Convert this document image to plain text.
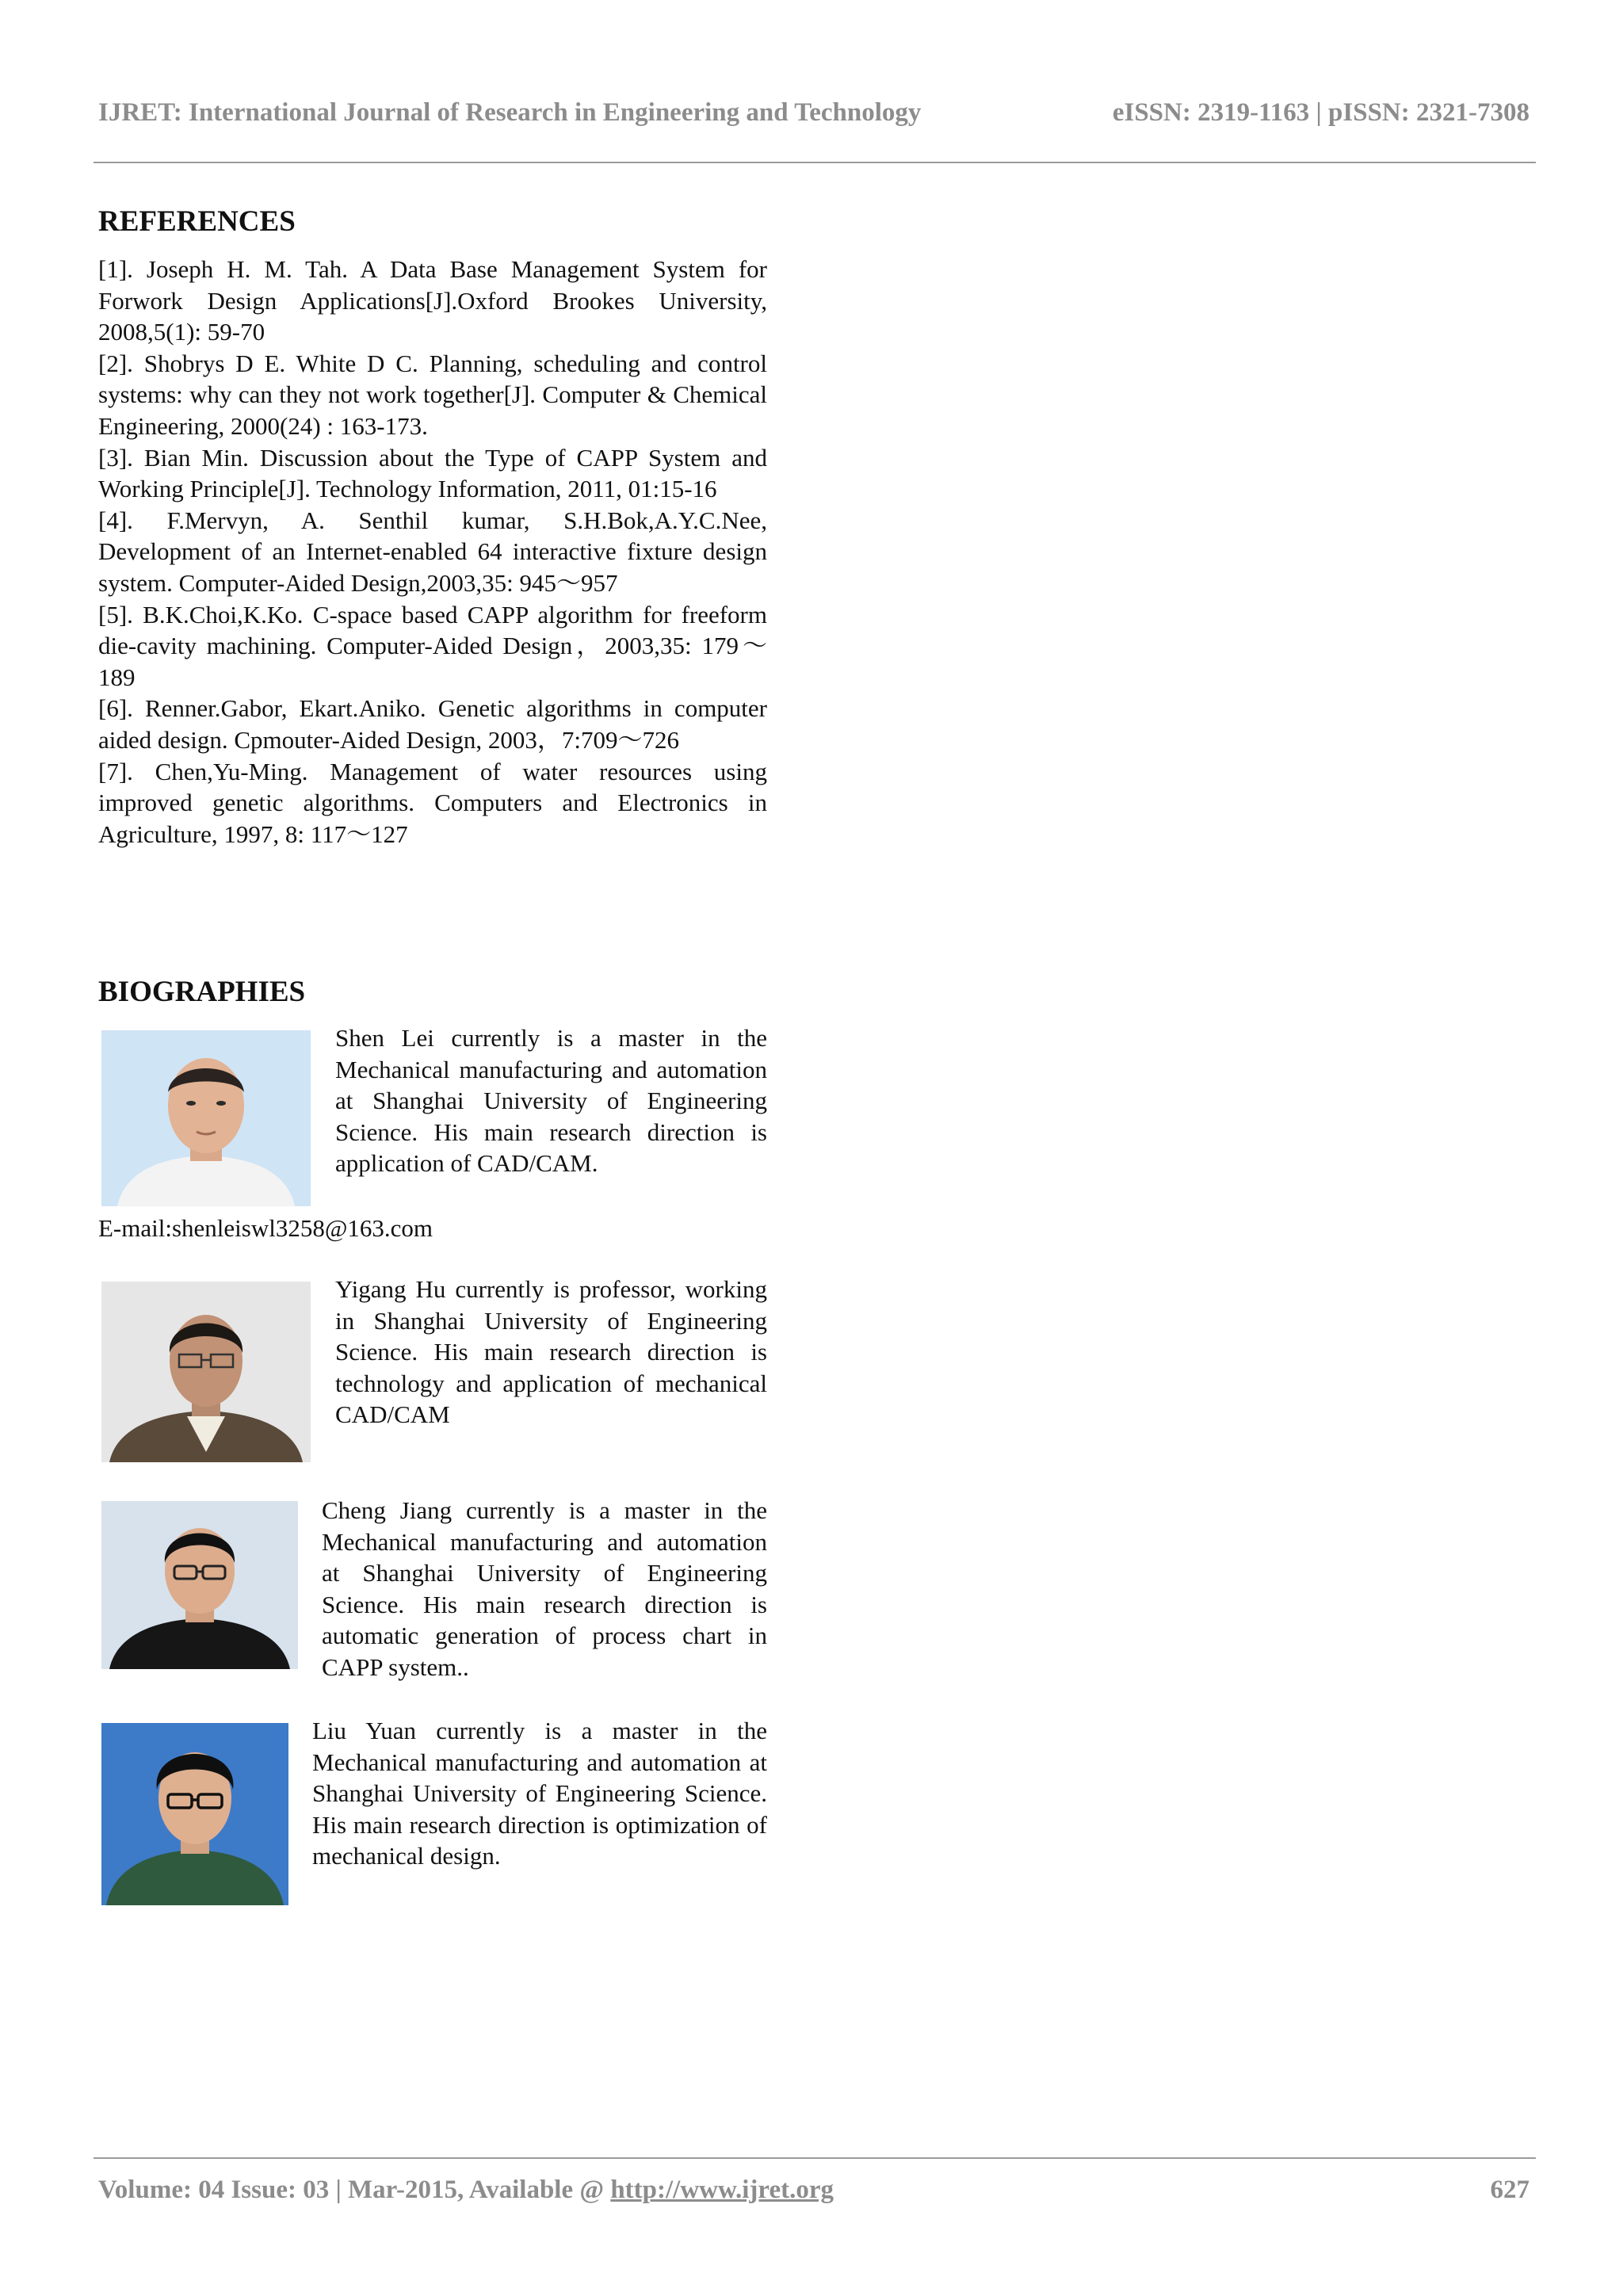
IJRET: International Journal of Research in Engineering and Technology	eISSN: 2319-1163 | pISSN: 2321-7308
REFERENCES
[1]. Joseph H. M. Tah. A Data Base Management System for Forwork Design Applications[J].Oxford Brookes University, 2008,5(1): 59-70
[2]. Shobrys D E. White D C. Planning, scheduling and control systems: why can they not work together[J]. Computer & Chemical Engineering, 2000(24) : 163-173.
[3]. Bian Min. Discussion about the Type of CAPP System and Working Principle[J]. Technology Information, 2011, 01:15-16
[4]. F.Mervyn, A. Senthil kumar, S.H.Bok,A.Y.C.Nee, Development of an Internet-enabled 64 interactive fixture design system. Computer-Aided Design,2003,35: 945～957
[5]. B.K.Choi,K.Ko. C-space based CAPP algorithm for freeform die-cavity machining. Computer-Aided Design，2003,35: 179～189
[6]. Renner.Gabor, Ekart.Aniko. Genetic algorithms in computer aided design. Cpmouter-Aided Design, 2003，7:709～726
[7]. Chen,Yu-Ming. Management of water resources using improved genetic algorithms. Computers and Electronics in Agriculture, 1997, 8: 117～127
BIOGRAPHIES

Shen Lei currently is a master in the Mechanical manufacturing and automation at Shanghai University of Engineering Science. His main research direction is application of CAD/CAM.

E-mail:shenleiswl3258@163.com

Yigang Hu currently is professor, working in Shanghai University of Engineering Science. His main research direction is technology and application of mechanical CAD/CAM

Cheng Jiang currently is a master in the Mechanical manufacturing and automation at Shanghai University of Engineering Science. His main research direction is automatic generation of process chart in CAPP system..

Liu Yuan currently is a master in the Mechanical manufacturing and automation at Shanghai University of Engineering Science. His main research direction is optimization of mechanical design.

Volume: 04 Issue: 03 | Mar-2015, Available @ http://www.ijret.org	627
